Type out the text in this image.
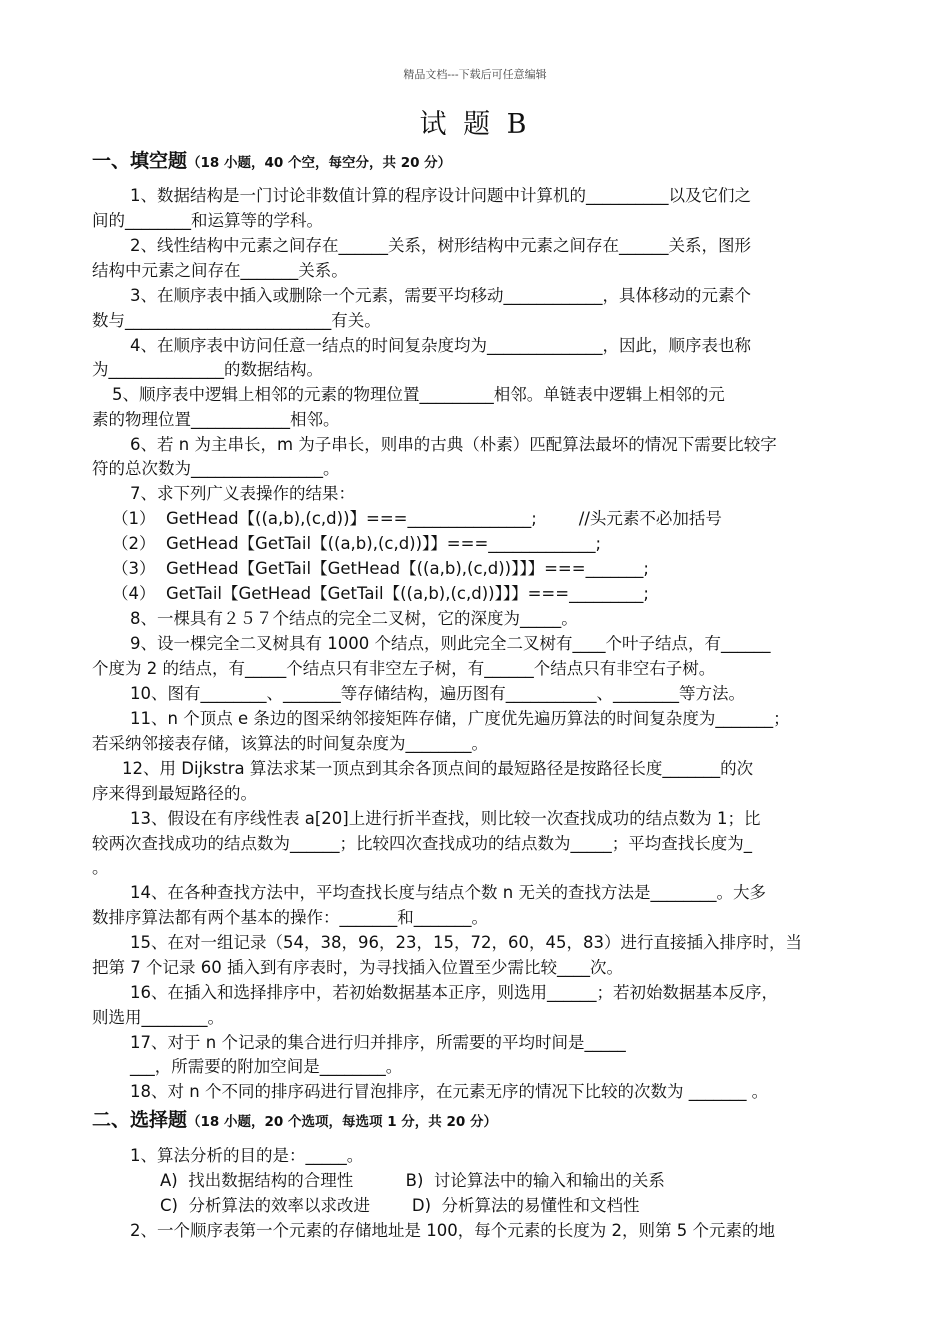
精品文档---下载后可任意编辑
试 题 B
一、填空题（18 小题，40 个空，每空分，共 20 分）
1、数据结构是一门讨论非数值计算的程序设计问题中计算机的__________以及它们之
间的________和运算等的学科。
2、线性结构中元素之间存在______关系，树形结构中元素之间存在______关系，图形
结构中元素之间存在_______关系。
3、在顺序表中插入或删除一个元素，需要平均移动____________，具体移动的元素个
数与_________________________有关。
4、在顺序表中访问任意一结点的时间复杂度均为______________，因此，顺序表也称
为______________的数据结构。
5、顺序表中逻辑上相邻的元素的物理位置_________相邻。单链表中逻辑上相邻的元
素的物理位置____________相邻。
6、若 n 为主串长，m 为子串长，则串的古典（朴素）匹配算法最坏的情况下需要比较字
符的总次数为________________。
7、求下列广义表操作的结果：
（1）  GetHead【((a,b),(c,d))】===_______________;        //头元素不必加括号
（2）  GetHead【GetTail【((a,b),(c,d))】】===_____________;
（3）  GetHead【GetTail【GetHead【((a,b),(c,d))】】】===_______;
（4）  GetTail【GetHead【GetTail【((a,b),(c,d))】】】===_________;
8、一棵具有２５７个结点的完全二叉树，它的深度为_____。
9、设一棵完全二叉树具有 1000 个结点，则此完全二叉树有____个叶子结点，有______
个度为 2 的结点，有_____个结点只有非空左子树，有______个结点只有非空右子树。
10、图有________、_______等存储结构，遍历图有___________、________等方法。
11、n 个顶点 e 条边的图采纳邻接矩阵存储，广度优先遍历算法的时间复杂度为_______；
若采纳邻接表存储，该算法的时间复杂度为________。
12、用 Dijkstra 算法求某一顶点到其余各顶点间的最短路径是按路径长度_______的次
序来得到最短路径的。
13、假设在有序线性表 a[20]上进行折半查找，则比较一次查找成功的结点数为 1；比
较两次查找成功的结点数为______；比较四次查找成功的结点数为_____；平均查找长度为_
。
14、在各种查找方法中，平均查找长度与结点个数 n 无关的查找方法是________。大多
数排序算法都有两个基本的操作：_______和_______。
15、在对一组记录（54，38，96，23，15，72，60，45，83）进行直接插入排序时，当
把第 7 个记录 60 插入到有序表时，为寻找插入位置至少需比较____次。
16、在插入和选择排序中，若初始数据基本正序，则选用______；若初始数据基本反序，
则选用________。
17、对于 n 个记录的集合进行归并排序，所需要的平均时间是_____
___，所需要的附加空间是________。
18、对 n 个不同的排序码进行冒泡排序，在元素无序的情况下比较的次数为 _______ 。
二、选择题（18 小题，20 个选项，每选项 1 分，共 20 分）
1、算法分析的目的是：_____。
A)  找出数据结构的合理性          B)  讨论算法中的输入和输出的关系
C)  分析算法的效率以求改进        D)  分析算法的易懂性和文档性
2、一个顺序表第一个元素的存储地址是 100，每个元素的长度为 2，则第 5 个元素的地
